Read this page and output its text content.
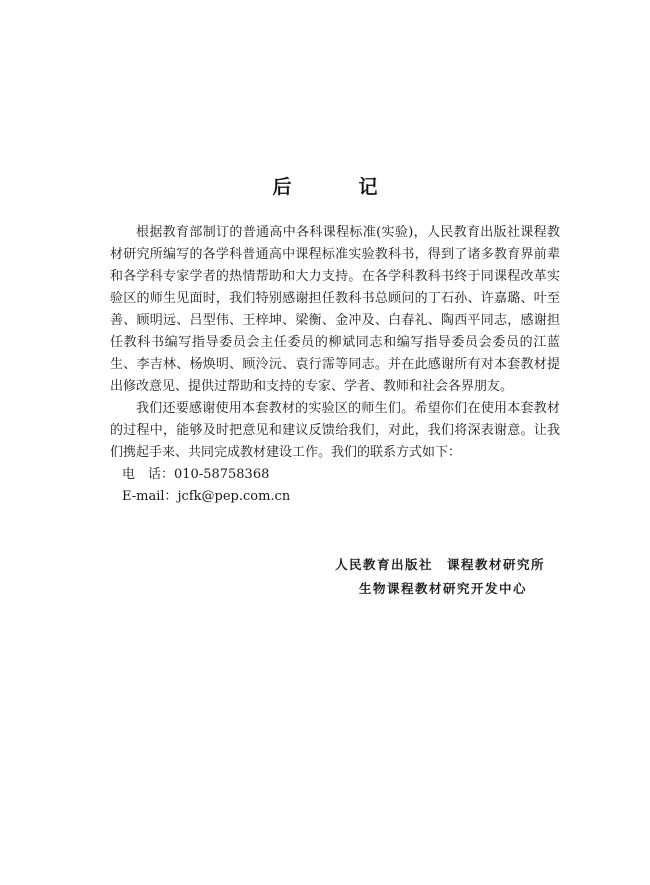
后　记

根据教育部制订的普通高中各科课程标准(实验)，人民教育出版社课程教材研究所编写的各学科普通高中课程标准实验教科书，得到了诸多教育界前辈和各学科专家学者的热情帮助和大力支持。在各学科教科书终于同课程改革实验区的师生见面时，我们特别感谢担任教科书总顾问的丁石孙、许嘉璐、叶至善、顾明远、吕型伟、王梓坤、梁衡、金冲及、白春礼、陶西平同志，感谢担任教科书编写指导委员会主任委员的柳斌同志和编写指导委员会委员的江蓝生、李吉林、杨焕明、顾泠沅、袁行霈等同志。并在此感谢所有对本套教材提出修改意见、提供过帮助和支持的专家、学者、教师和社会各界朋友。

我们还要感谢使用本套教材的实验区的师生们。希望你们在使用本套教材的过程中，能够及时把意见和建议反馈给我们，对此，我们将深表谢意。让我们携起手来、共同完成教材建设工作。我们的联系方式如下：

电　话：010-58758368

E-mail：jcfk@pep.com.cn

人民教育出版社　课程教材研究所
生物课程教材研究开发中心
